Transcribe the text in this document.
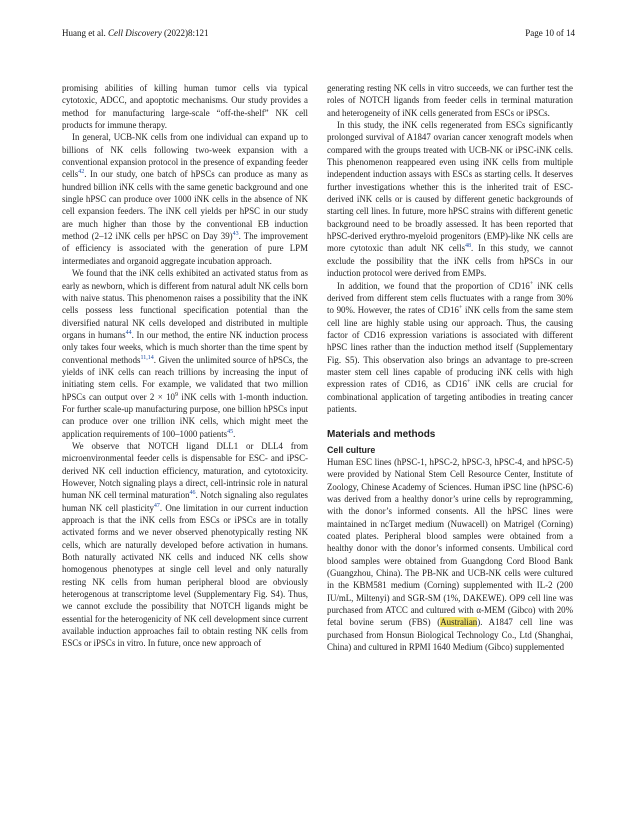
Huang et al. Cell Discovery (2022)8:121	Page 10 of 14

promising abilities of killing human tumor cells via typical cytotoxic, ADCC, and apoptotic mechanisms. Our study provides a method for manufacturing large-scale “off-the-shelf” NK cell products for immune therapy.

In general, UCB-NK cells from one individual can expand up to billions of NK cells following two-week expansion with a conventional expansion protocol in the presence of expanding feeder cells$^{42}$. In our study, one batch of hPSCs can produce as many as hundred billion iNK cells with the same genetic background and one single hPSC can produce over 1000 iNK cells in the absence of NK cell expansion feeders. The iNK cell yields per hPSC in our study are much higher than those by the conventional EB induction method (2–12 iNK cells per hPSC on Day 39)$^{43}$. The improvement of efficiency is associated with the generation of pure LPM intermediates and organoid aggregate incubation approach.

We found that the iNK cells exhibited an activated status from as early as newborn, which is different from natural adult NK cells born with naive status. This phenomenon raises a possibility that the iNK cells possess less functional specification potential than the diversified natural NK cells developed and distributed in multiple organs in humans$^{44}$. In our method, the entire NK induction process only takes four weeks, which is much shorter than the time spent by conventional methods$^{11,14}$. Given the unlimited source of hPSCs, the yields of iNK cells can reach trillions by increasing the input of initiating stem cells. For example, we validated that two million hPSCs can output over $2 \times 10^9$ iNK cells with 1-month induction. For further scale-up manufacturing purpose, one billion hPSCs input can produce over one trillion iNK cells, which might meet the application requirements of 100–1000 patients$^{45}$.

We observe that NOTCH ligand DLL1 or DLL4 from microenvironmental feeder cells is dispensable for ESC- and iPSC-derived NK cell induction efficiency, maturation, and cytotoxicity. However, Notch signaling plays a direct, cell-intrinsic role in natural human NK cell terminal maturation$^{46}$. Notch signaling also regulates human NK cell plasticity$^{47}$. One limitation in our current induction approach is that the iNK cells from ESCs or iPSCs are in totally activated forms and we never observed phenotypically resting NK cells, which are naturally developed before activation in humans. Both naturally activated NK cells and induced NK cells show homogenous phenotypes at single cell level and only naturally resting NK cells from human peripheral blood are obviously heterogenous at transcriptome level (Supplementary Fig. S4). Thus, we cannot exclude the possibility that NOTCH ligands might be essential for the heterogenicity of NK cell development since current available induction approaches fail to obtain resting NK cells from ESCs or iPSCs in vitro. In future, once new approach of

generating resting NK cells in vitro succeeds, we can further test the roles of NOTCH ligands from feeder cells in terminal maturation and heterogeneity of iNK cells generated from ESCs or iPSCs.

In this study, the iNK cells regenerated from ESCs significantly prolonged survival of A1847 ovarian cancer xenograft models when compared with the groups treated with UCB-NK or iPSC-iNK cells. This phenomenon reappeared even using iNK cells from multiple independent induction assays with ESCs as starting cells. It deserves further investigations whether this is the inherited trait of ESC-derived iNK cells or is caused by different genetic backgrounds of starting cell lines. In future, more hPSC strains with different genetic background need to be broadly assessed. It has been reported that hPSC-derived erythro-myeloid progenitors (EMP)-like NK cells are more cytotoxic than adult NK cells$^{48}$. In this study, we cannot exclude the possibility that the iNK cells from hPSCs in our induction protocol were derived from EMPs.

In addition, we found that the proportion of CD16+ iNK cells derived from different stem cells fluctuates with a range from 30% to 90%. However, the rates of CD16+ iNK cells from the same stem cell line are highly stable using our approach. Thus, the causing factor of CD16 expression variations is associated with different hPSC lines rather than the induction method itself (Supplementary Fig. S5). This observation also brings an advantage to pre-screen master stem cell lines capable of producing iNK cells with high expression rates of CD16, as CD16+ iNK cells are crucial for combinational application of targeting antibodies in treating cancer patients.

Materials and methods
Cell culture

Human ESC lines (hPSC-1, hPSC-2, hPSC-3, hPSC-4, and hPSC-5) were provided by National Stem Cell Resource Center, Institute of Zoology, Chinese Academy of Sciences. Human iPSC line (hPSC-6) was derived from a healthy donor’s urine cells by reprogramming, with the donor’s informed consents. All the hPSC lines were maintained in ncTarget medium (Nuwacell) on Matrigel (Corning) coated plates. Peripheral blood samples were obtained from a healthy donor with the donor’s informed consents. Umbilical cord blood samples were obtained from Guangdong Cord Blood Bank (Guangzhou, China). The PB-NK and UCB-NK cells were cultured in the KBM581 medium (Corning) supplemented with IL-2 (200 IU/mL, Miltenyi) and SGR-SM (1%, DAKEWE). OP9 cell line was purchased from ATCC and cultured with α-MEM (Gibco) with 20% fetal bovine serum (FBS) (Australian). A1847 cell line was purchased from Honsun Biological Technology Co., Ltd (Shanghai, China) and cultured in RPMI 1640 Medium (Gibco) supplemented
